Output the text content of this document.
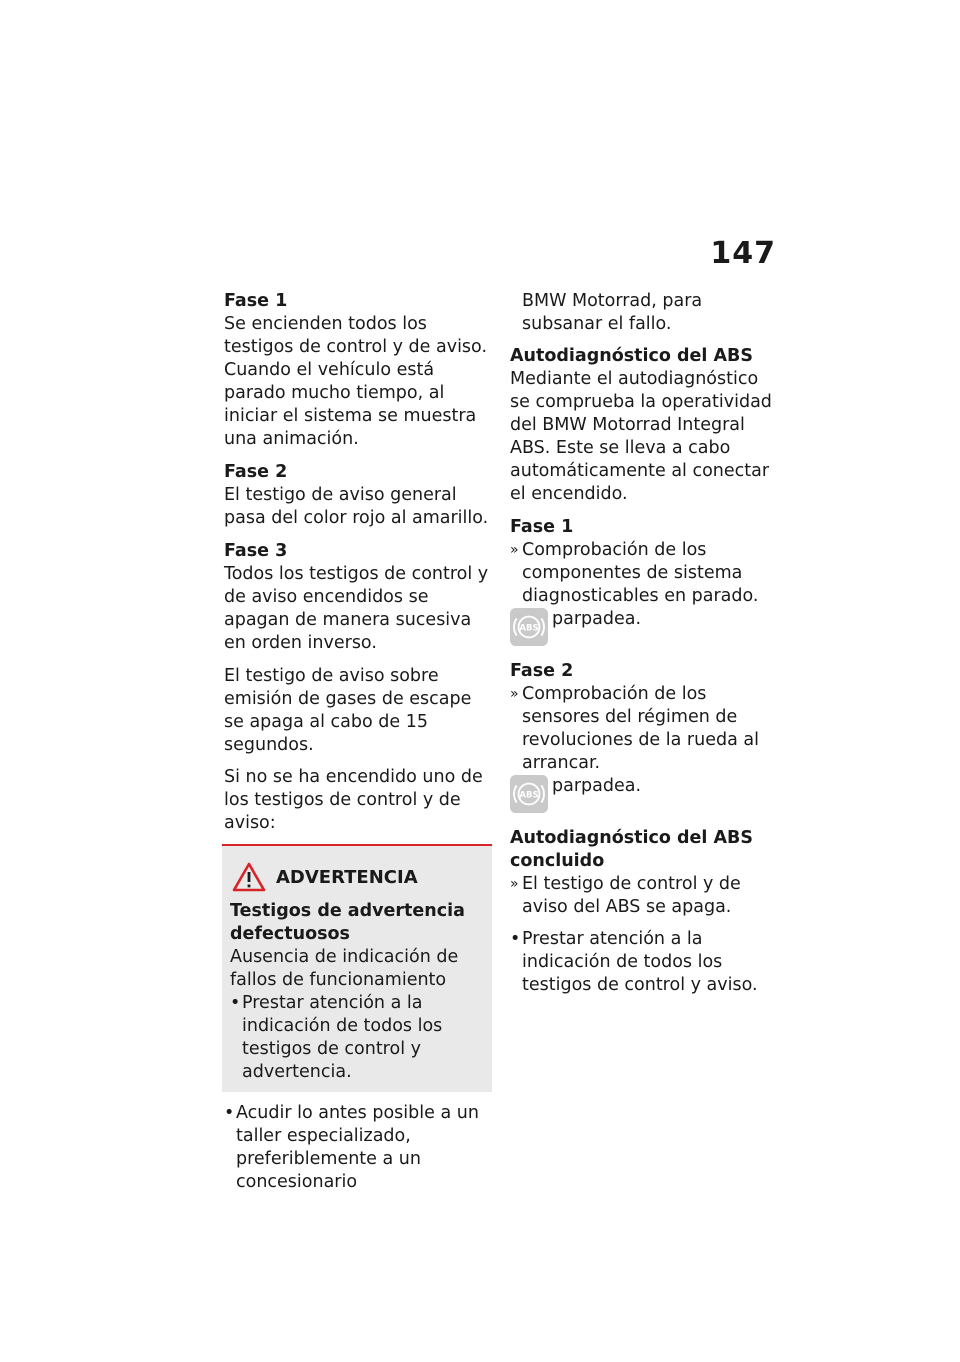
147
Fase 1

Se encienden todos los testigos de control y de aviso.

Cuando el vehículo está parado mucho tiempo, al iniciar el sistema se muestra una animación.

Fase 2

El testigo de aviso general pasa del color rojo al amarillo.

Fase 3

Todos los testigos de control y de aviso encendidos se apagan de manera sucesiva en orden inverso.

El testigo de aviso sobre emisión de gases de escape se apaga al cabo de 15 segundos.

Si no se ha encendido uno de los testigos de control y de aviso:

ADVERTENCIA
Testigos de advertencia defectuosos

Ausencia de indicación de fallos de funcionamiento

• Prestar atención a la indicación de todos los testigos de control y advertencia.
• Acudir lo antes posible a un taller especializado, preferiblemente a un concesionario

BMW Motorrad, para subsanar el fallo.

Autodiagnóstico del ABS

Mediante el autodiagnóstico se comprueba la operatividad del BMW Motorrad Integral ABS. Este se lleva a cabo automáticamente al conectar el encendido.

Fase 1
» Comprobación de los componentes de sistema diagnosticables en parado.
ABS parpadea.
Fase 2
» Comprobación de los sensores del régimen de revoluciones de la rueda al arrancar.
ABS parpadea.
Autodiagnóstico del ABS concluido
» El testigo de control y de aviso del ABS se apaga.
• Prestar atención a la indicación de todos los testigos de control y aviso.
